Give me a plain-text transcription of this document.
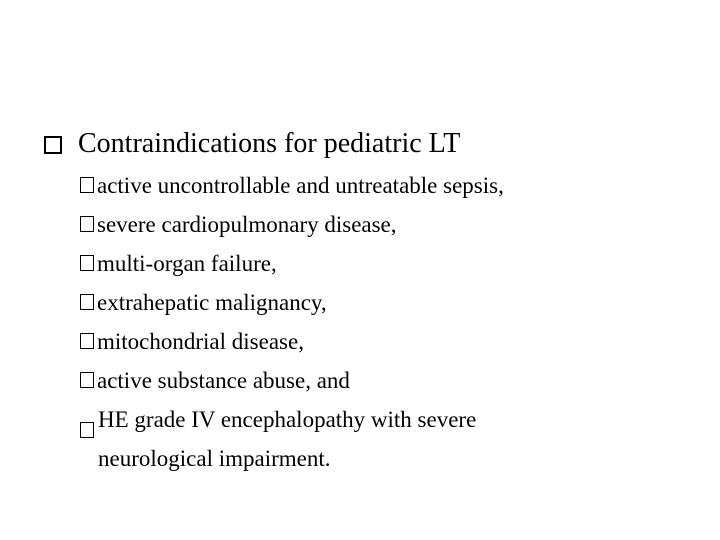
Contraindications for pediatric LT
active uncontrollable and untreatable sepsis,
severe cardiopulmonary disease,
multi-organ failure,
extrahepatic malignancy,
mitochondrial disease,
active substance abuse, and
HE grade IV encephalopathy with severe neurological impairment.
